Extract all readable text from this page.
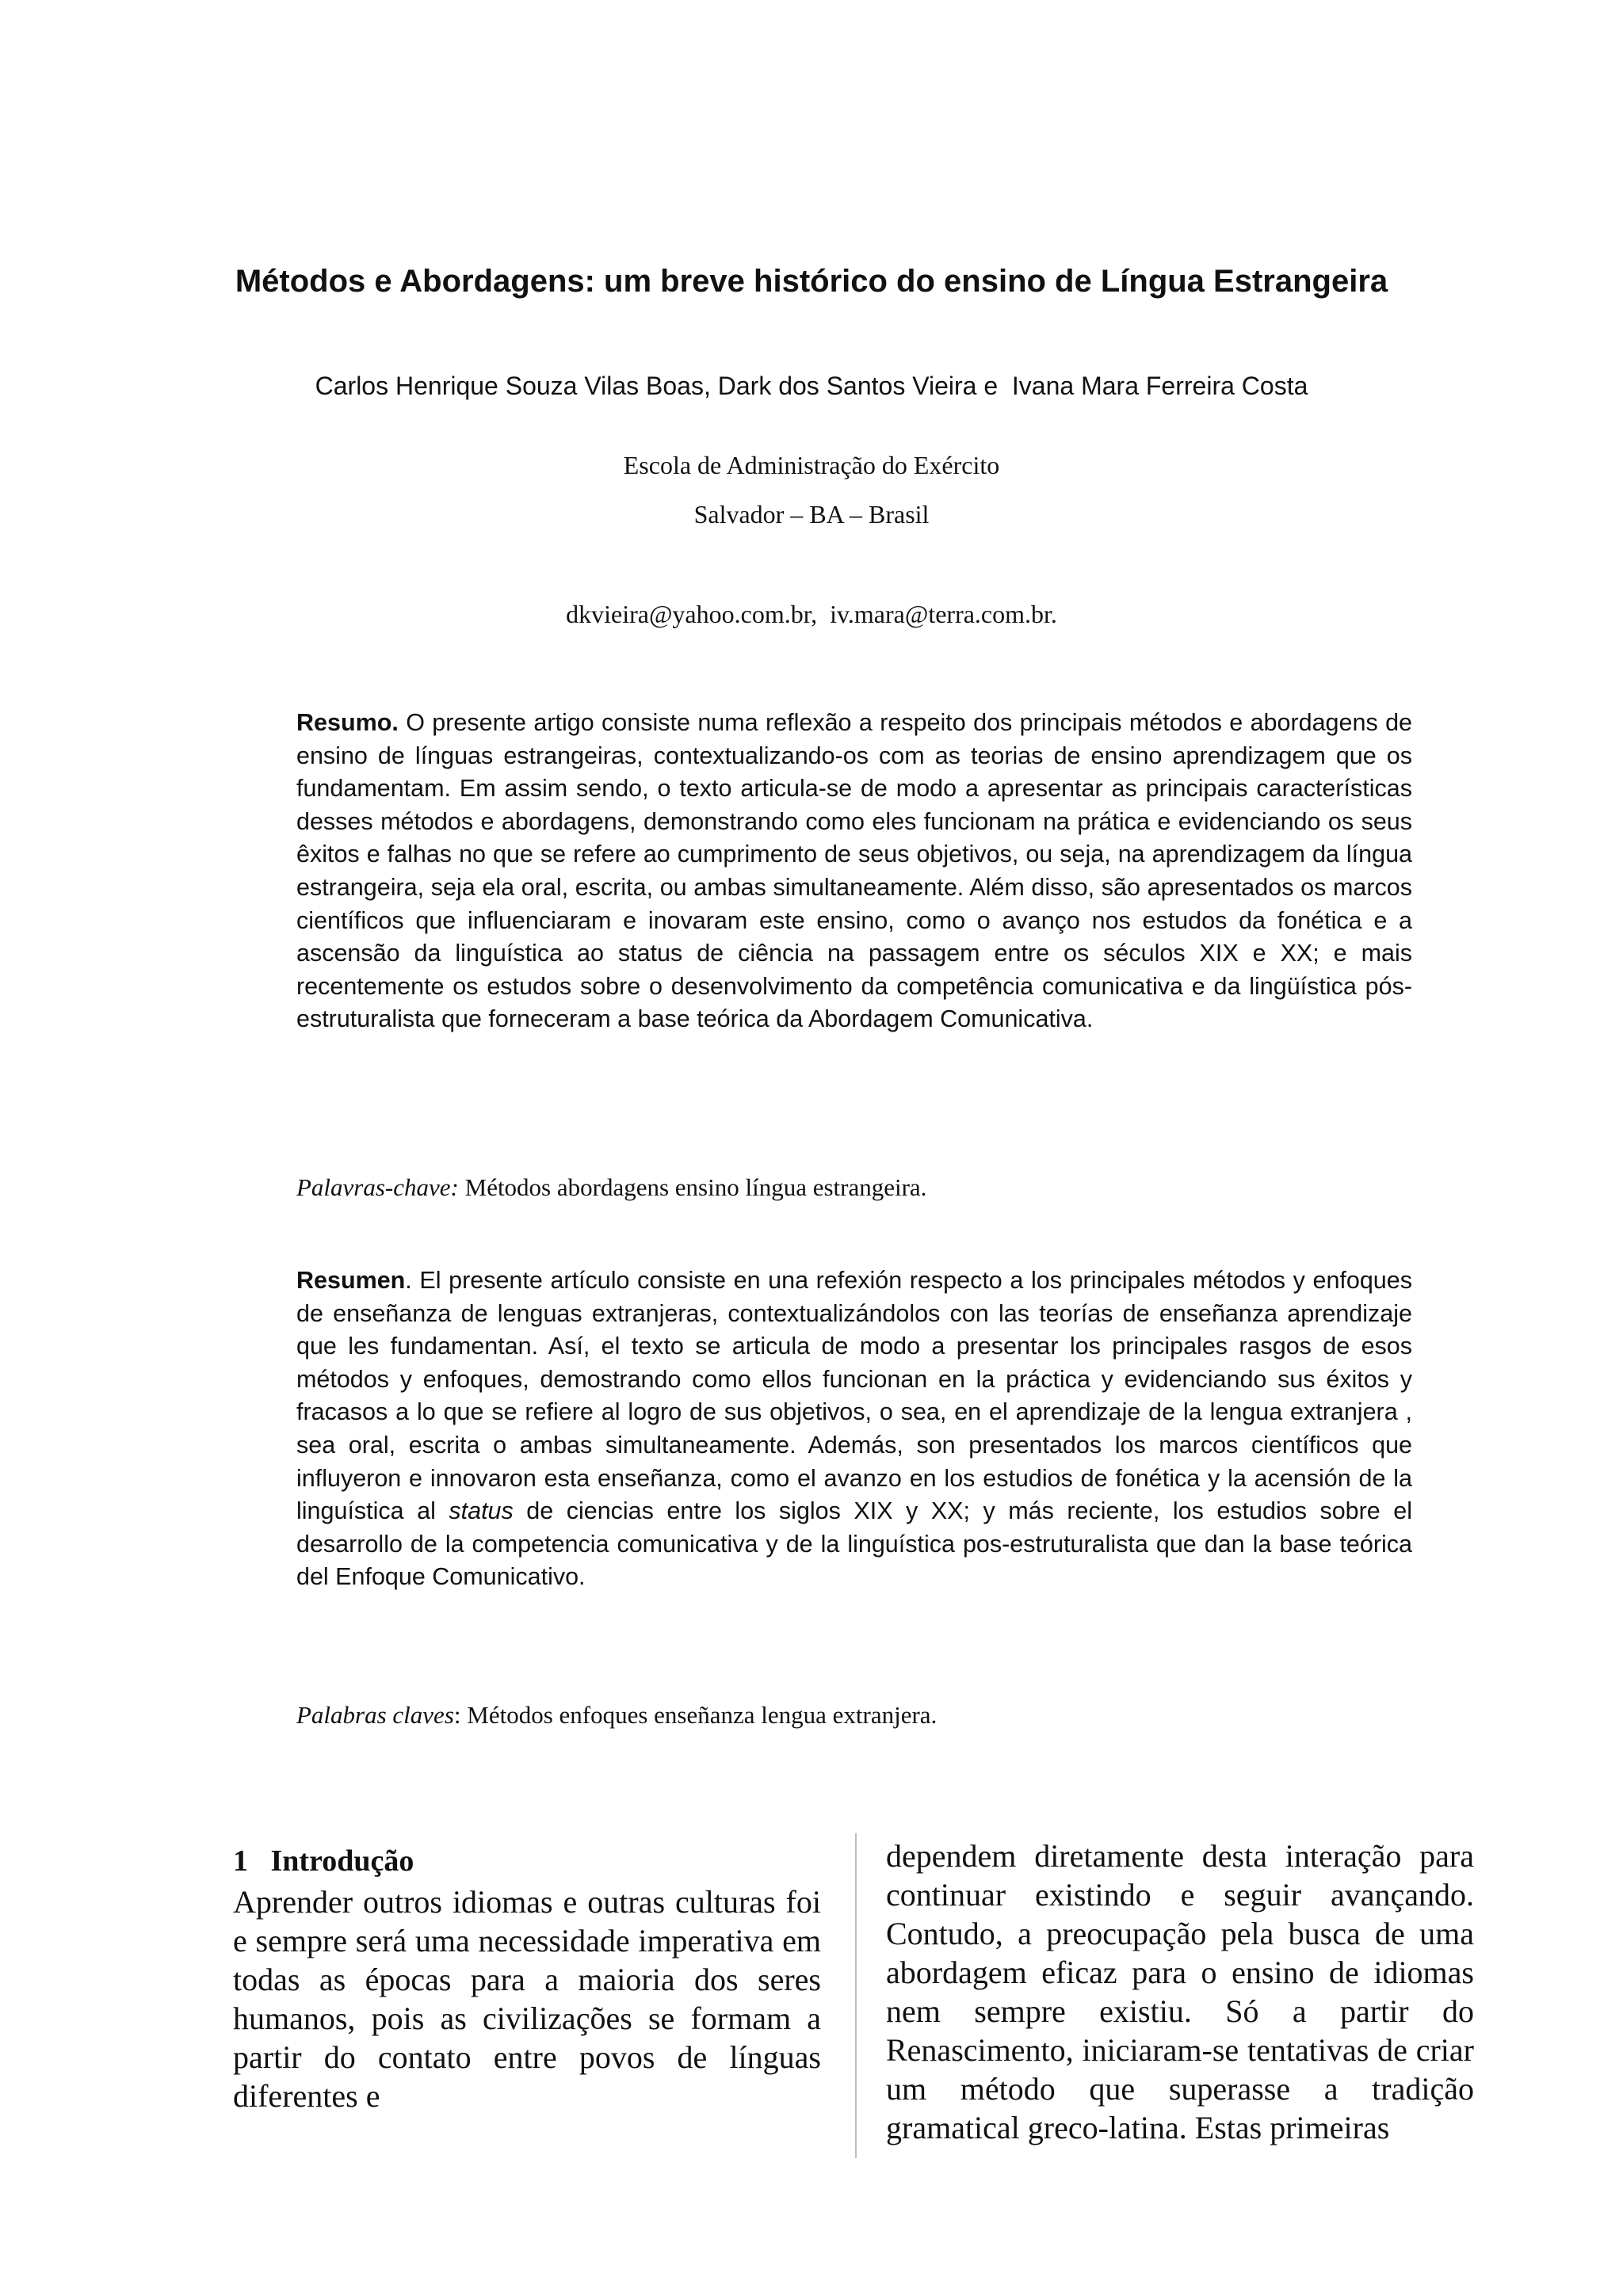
Métodos e Abordagens: um breve histórico do ensino de Língua Estrangeira
Carlos Henrique Souza Vilas Boas, Dark dos Santos Vieira e  Ivana Mara Ferreira Costa
Escola de Administração do Exército
Salvador – BA – Brasil
dkvieira@yahoo.com.br,  iv.mara@terra.com.br.

Resumo. O presente artigo consiste numa reflexão a respeito dos principais métodos e abordagens de ensino de línguas estrangeiras, contextualizando-os com as teorias de ensino aprendizagem que os fundamentam. Em assim sendo, o texto articula-se de modo a apresentar as principais características desses métodos e abordagens, demonstrando como eles funcionam na prática e evidenciando os seus êxitos e falhas no que se refere ao cumprimento de seus objetivos, ou seja, na aprendizagem da língua estrangeira, seja ela oral, escrita, ou ambas simultaneamente. Além disso, são apresentados os marcos científicos que influenciaram e inovaram este ensino, como o avanço nos estudos da fonética e a ascensão da linguística ao status de ciência na passagem entre os séculos XIX e XX; e mais recentemente os estudos sobre o desenvolvimento da competência comunicativa e da lingüística pós-estruturalista que forneceram a base teórica da Abordagem Comunicativa.

Palavras-chave: Métodos abordagens ensino língua estrangeira.

Resumen. El presente artículo consiste en una refexión respecto a los principales métodos y enfoques de enseñanza de lenguas extranjeras, contextualizándolos con las teorías de enseñanza aprendizaje que les fundamentan. Así, el texto se articula de modo a presentar los principales rasgos de esos métodos y enfoques, demostrando como ellos funcionan en la práctica y evidenciando sus éxitos y fracasos a lo que se refiere al logro de sus objetivos, o sea, en el aprendizaje de la lengua extranjera , sea oral, escrita o ambas simultaneamente. Además, son presentados los marcos científicos que influyeron e innovaron esta enseñanza, como el avanzo en los estudios de fonética y la acensión de la linguística al status de ciencias entre los siglos XIX y XX; y más reciente, los estudios sobre el desarrollo de la competencia comunicativa y de la linguística pos-estruturalista que dan la base teórica del Enfoque Comunicativo.

Palabras claves: Métodos enfoques enseñanza lengua extranjera.

1   Introdução

Aprender outros idiomas e outras culturas foi e sempre será uma necessidade imperativa em todas as épocas para a maioria dos seres humanos, pois as civilizações se formam a partir do contato entre povos de línguas diferentes e

dependem diretamente desta interação para continuar existindo e seguir avançando. Contudo, a preocupação pela busca de uma abordagem eficaz para o ensino de idiomas nem sempre existiu. Só a partir do Renascimento, iniciaram-se tentativas de criar um método que superasse a tradição gramatical greco-latina. Estas primeiras
